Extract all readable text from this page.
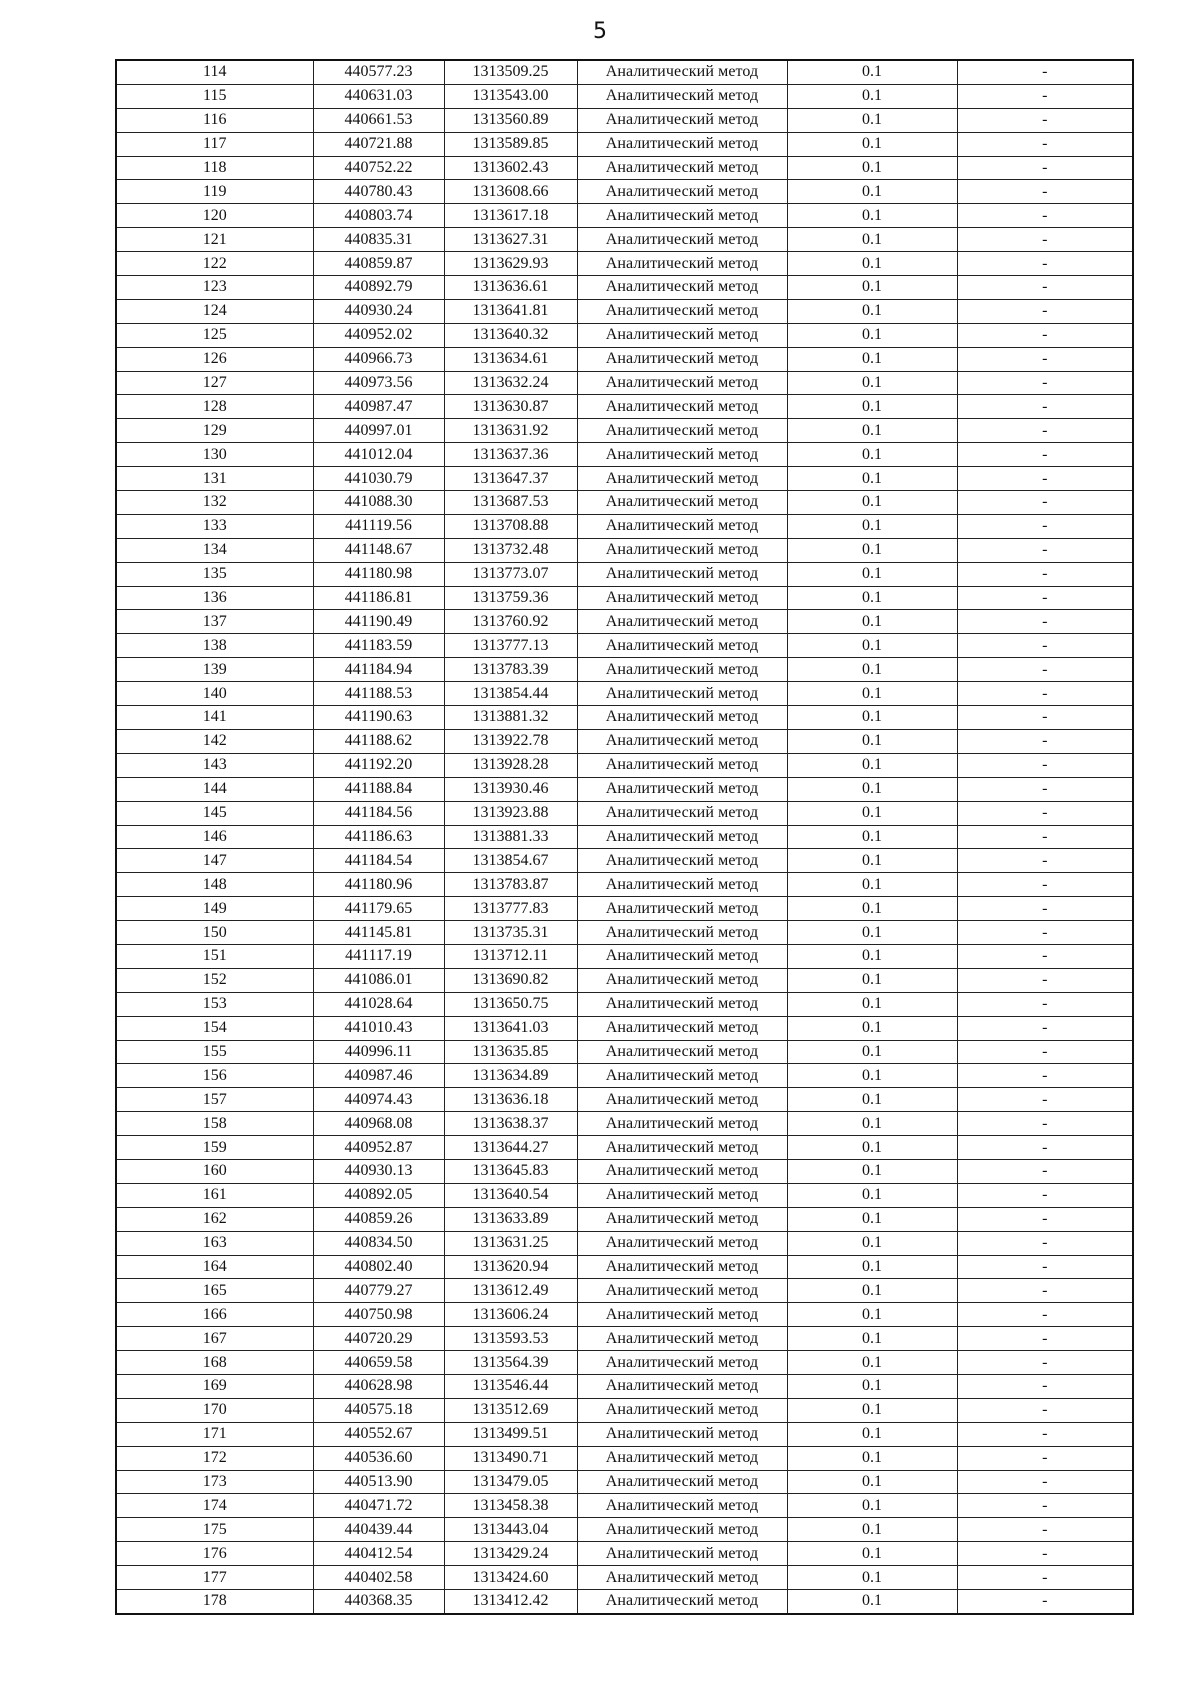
5
114	440577.23	1313509.25	Аналитический метод	0.1	-
115	440631.03	1313543.00	Аналитический метод	0.1	-
116	440661.53	1313560.89	Аналитический метод	0.1	-
117	440721.88	1313589.85	Аналитический метод	0.1	-
118	440752.22	1313602.43	Аналитический метод	0.1	-
119	440780.43	1313608.66	Аналитический метод	0.1	-
120	440803.74	1313617.18	Аналитический метод	0.1	-
121	440835.31	1313627.31	Аналитический метод	0.1	-
122	440859.87	1313629.93	Аналитический метод	0.1	-
123	440892.79	1313636.61	Аналитический метод	0.1	-
124	440930.24	1313641.81	Аналитический метод	0.1	-
125	440952.02	1313640.32	Аналитический метод	0.1	-
126	440966.73	1313634.61	Аналитический метод	0.1	-
127	440973.56	1313632.24	Аналитический метод	0.1	-
128	440987.47	1313630.87	Аналитический метод	0.1	-
129	440997.01	1313631.92	Аналитический метод	0.1	-
130	441012.04	1313637.36	Аналитический метод	0.1	-
131	441030.79	1313647.37	Аналитический метод	0.1	-
132	441088.30	1313687.53	Аналитический метод	0.1	-
133	441119.56	1313708.88	Аналитический метод	0.1	-
134	441148.67	1313732.48	Аналитический метод	0.1	-
135	441180.98	1313773.07	Аналитический метод	0.1	-
136	441186.81	1313759.36	Аналитический метод	0.1	-
137	441190.49	1313760.92	Аналитический метод	0.1	-
138	441183.59	1313777.13	Аналитический метод	0.1	-
139	441184.94	1313783.39	Аналитический метод	0.1	-
140	441188.53	1313854.44	Аналитический метод	0.1	-
141	441190.63	1313881.32	Аналитический метод	0.1	-
142	441188.62	1313922.78	Аналитический метод	0.1	-
143	441192.20	1313928.28	Аналитический метод	0.1	-
144	441188.84	1313930.46	Аналитический метод	0.1	-
145	441184.56	1313923.88	Аналитический метод	0.1	-
146	441186.63	1313881.33	Аналитический метод	0.1	-
147	441184.54	1313854.67	Аналитический метод	0.1	-
148	441180.96	1313783.87	Аналитический метод	0.1	-
149	441179.65	1313777.83	Аналитический метод	0.1	-
150	441145.81	1313735.31	Аналитический метод	0.1	-
151	441117.19	1313712.11	Аналитический метод	0.1	-
152	441086.01	1313690.82	Аналитический метод	0.1	-
153	441028.64	1313650.75	Аналитический метод	0.1	-
154	441010.43	1313641.03	Аналитический метод	0.1	-
155	440996.11	1313635.85	Аналитический метод	0.1	-
156	440987.46	1313634.89	Аналитический метод	0.1	-
157	440974.43	1313636.18	Аналитический метод	0.1	-
158	440968.08	1313638.37	Аналитический метод	0.1	-
159	440952.87	1313644.27	Аналитический метод	0.1	-
160	440930.13	1313645.83	Аналитический метод	0.1	-
161	440892.05	1313640.54	Аналитический метод	0.1	-
162	440859.26	1313633.89	Аналитический метод	0.1	-
163	440834.50	1313631.25	Аналитический метод	0.1	-
164	440802.40	1313620.94	Аналитический метод	0.1	-
165	440779.27	1313612.49	Аналитический метод	0.1	-
166	440750.98	1313606.24	Аналитический метод	0.1	-
167	440720.29	1313593.53	Аналитический метод	0.1	-
168	440659.58	1313564.39	Аналитический метод	0.1	-
169	440628.98	1313546.44	Аналитический метод	0.1	-
170	440575.18	1313512.69	Аналитический метод	0.1	-
171	440552.67	1313499.51	Аналитический метод	0.1	-
172	440536.60	1313490.71	Аналитический метод	0.1	-
173	440513.90	1313479.05	Аналитический метод	0.1	-
174	440471.72	1313458.38	Аналитический метод	0.1	-
175	440439.44	1313443.04	Аналитический метод	0.1	-
176	440412.54	1313429.24	Аналитический метод	0.1	-
177	440402.58	1313424.60	Аналитический метод	0.1	-
178	440368.35	1313412.42	Аналитический метод	0.1	-
